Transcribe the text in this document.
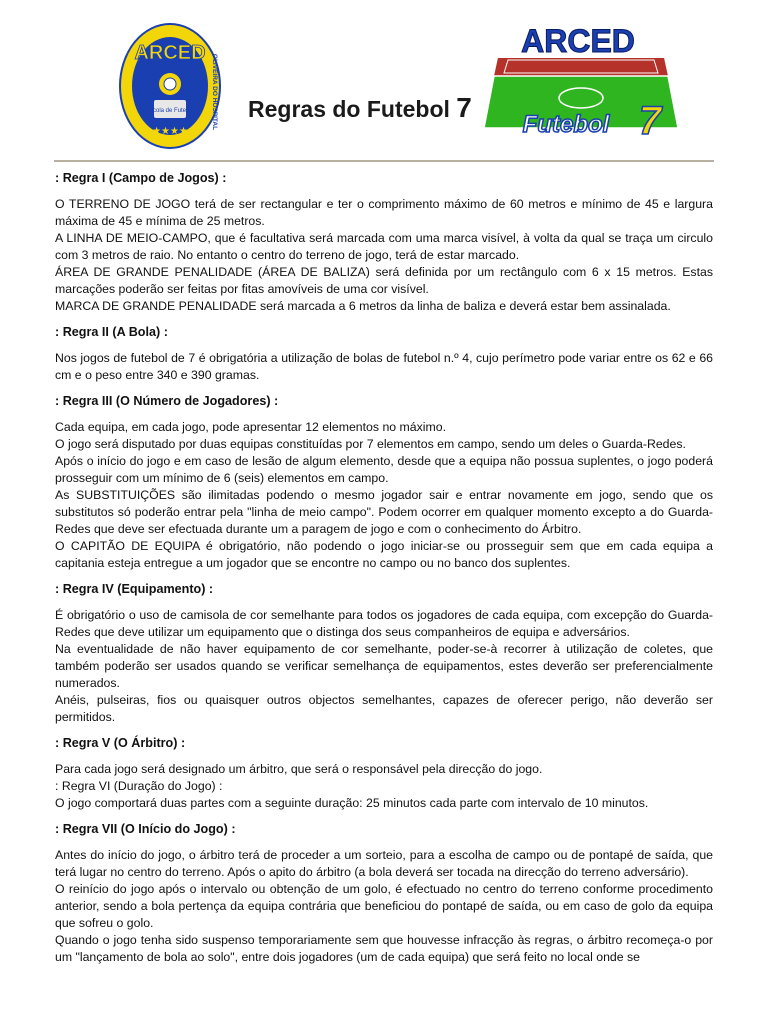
ARCED
Escola de Futebol
★★★★
OLIVEIRA DO HOSPITAL Regras do Futebol 7
ARCED
Futebol 7
: Regra I (Campo de Jogos) :

O TERRENO DE JOGO terá de ser rectangular e ter o comprimento máximo de 60 metros e mínimo de 45 e largura máxima de 45 e mínima de 25 metros.

A LINHA DE MEIO-CAMPO, que é facultativa será marcada com uma marca visível, à volta da qual se traça um circulo com 3 metros de raio. No entanto o centro do terreno de jogo, terá de estar marcado.

ÁREA DE GRANDE PENALIDADE (ÁREA DE BALIZA) será definida por um rectângulo com 6 x 15 metros. Estas marcações poderão ser feitas por fitas amovíveis de uma cor visível.

MARCA DE GRANDE PENALIDADE será marcada a 6 metros da linha de baliza e deverá estar bem assinalada.

: Regra II (A Bola) :

Nos jogos de futebol de 7 é obrigatória a utilização de bolas de futebol n.º 4, cujo perímetro pode variar entre os 62 e 66 cm e o peso entre 340 e 390 gramas.

: Regra III (O Número de Jogadores) :

Cada equipa, em cada jogo, pode apresentar 12 elementos no máximo.

O jogo será disputado por duas equipas constituídas por 7 elementos em campo, sendo um deles o Guarda-Redes.

Após o início do jogo e em caso de lesão de algum elemento, desde que a equipa não possua suplentes, o jogo poderá prosseguir com um mínimo de 6 (seis) elementos em campo.

As SUBSTITUIÇÕES são ilimitadas podendo o mesmo jogador sair e entrar novamente em jogo, sendo que os substitutos só poderão entrar pela "linha de meio campo". Podem ocorrer em qualquer momento excepto a do Guarda-Redes que deve ser efectuada durante um a paragem de jogo e com o conhecimento do Árbitro.

O CAPITÃO DE EQUIPA é obrigatório, não podendo o jogo iniciar-se ou prosseguir sem que em cada equipa a capitania esteja entregue a um jogador que se encontre no campo ou no banco dos suplentes.

: Regra IV (Equipamento) :

É obrigatório o uso de camisola de cor semelhante para todos os jogadores de cada equipa, com excepção do Guarda-Redes que deve utilizar um equipamento que o distinga dos seus companheiros de equipa e adversários.

Na eventualidade de não haver equipamento de cor semelhante, poder-se-à recorrer à utilização de coletes, que também poderão ser usados quando se verificar semelhança de equipamentos, estes deverão ser preferencialmente numerados.

Anéis, pulseiras, fios ou quaisquer outros objectos semelhantes, capazes de oferecer perigo, não deverão ser permitidos.

: Regra V (O Árbitro) :

Para cada jogo será designado um árbitro, que será o responsável pela direcção do jogo.

: Regra VI (Duração do Jogo) :

O jogo comportará duas partes com a seguinte duração: 25 minutos cada parte com intervalo de 10 minutos.

: Regra VII (O Início do Jogo) :

Antes do início do jogo, o árbitro terá de proceder a um sorteio, para a escolha de campo ou de pontapé de saída, que terá lugar no centro do terreno. Após o apito do árbitro (a bola deverá ser tocada na direcção do terreno adversário).

O reinício do jogo após o intervalo ou obtenção de um golo, é efectuado no centro do terreno conforme procedimento anterior, sendo a bola pertença da equipa contrária que beneficiou do pontapé de saída, ou em caso de golo da equipa que sofreu o golo.

Quando o jogo tenha sido suspenso temporariamente sem que houvesse infracção às regras, o árbitro recomeça-o por um "lançamento de bola ao solo", entre dois jogadores (um de cada equipa) que será feito no local onde se
